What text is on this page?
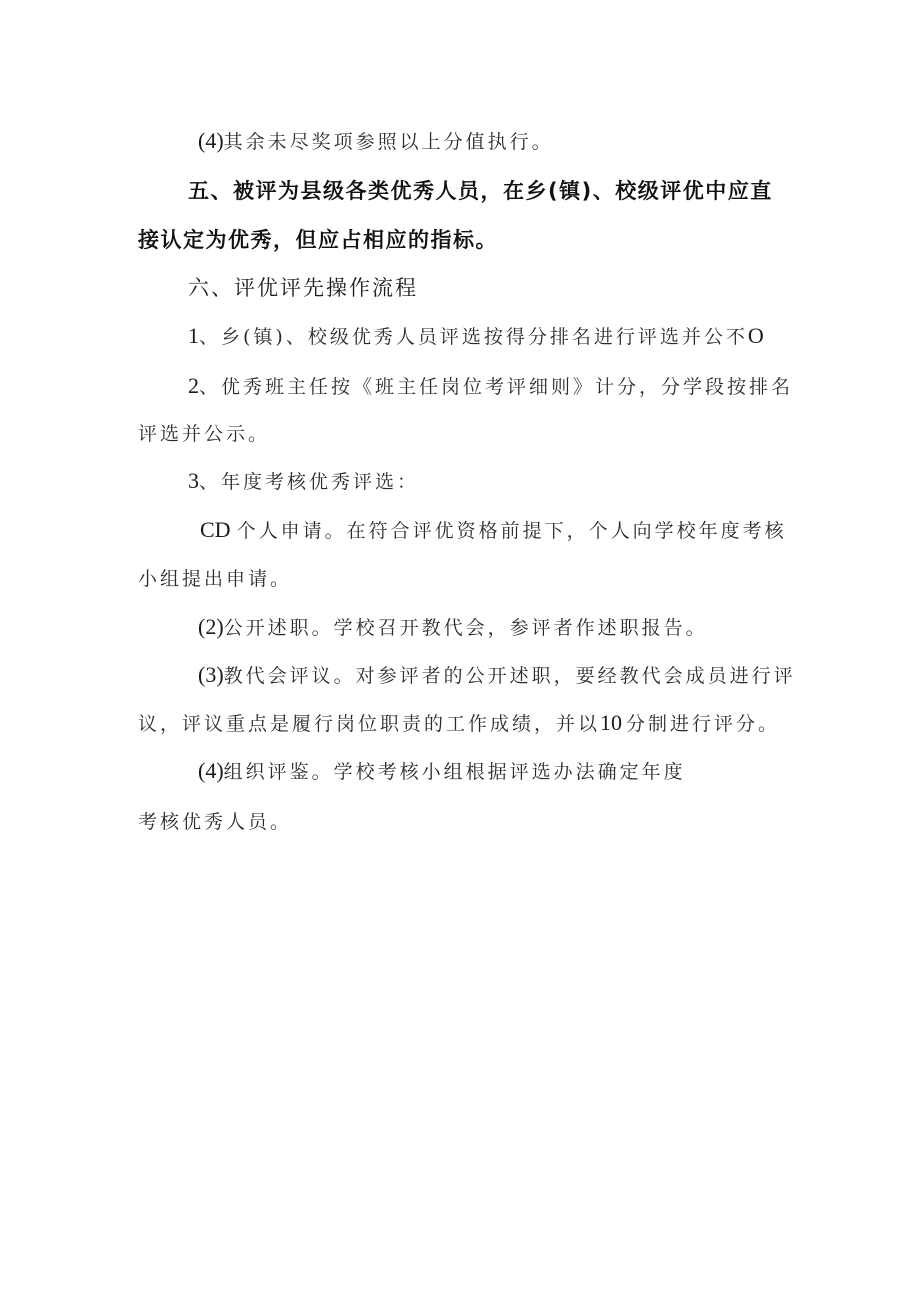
(4)其余未尽奖项参照以上分值执行。
五、被评为县级各类优秀人员，在乡(镇)、校级评优中应直
接认定为优秀，但应占相应的指标。
六、评优评先操作流程
1、乡(镇)、校级优秀人员评选按得分排名进行评选并公不O
2、优秀班主任按《班主任岗位考评细则》计分，分学段按排名
评选并公示。
3、年度考核优秀评选：
CD 个人申请。在符合评优资格前提下，个人向学校年度考核
小组提出申请。
(2)公开述职。学校召开教代会，参评者作述职报告。
(3)教代会评议。对参评者的公开述职，要经教代会成员进行评
议，评议重点是履行岗位职责的工作成绩，并以10 分制进行评分。
(4)组织评鉴。学校考核小组根据评选办法确定年度
考核优秀人员。
